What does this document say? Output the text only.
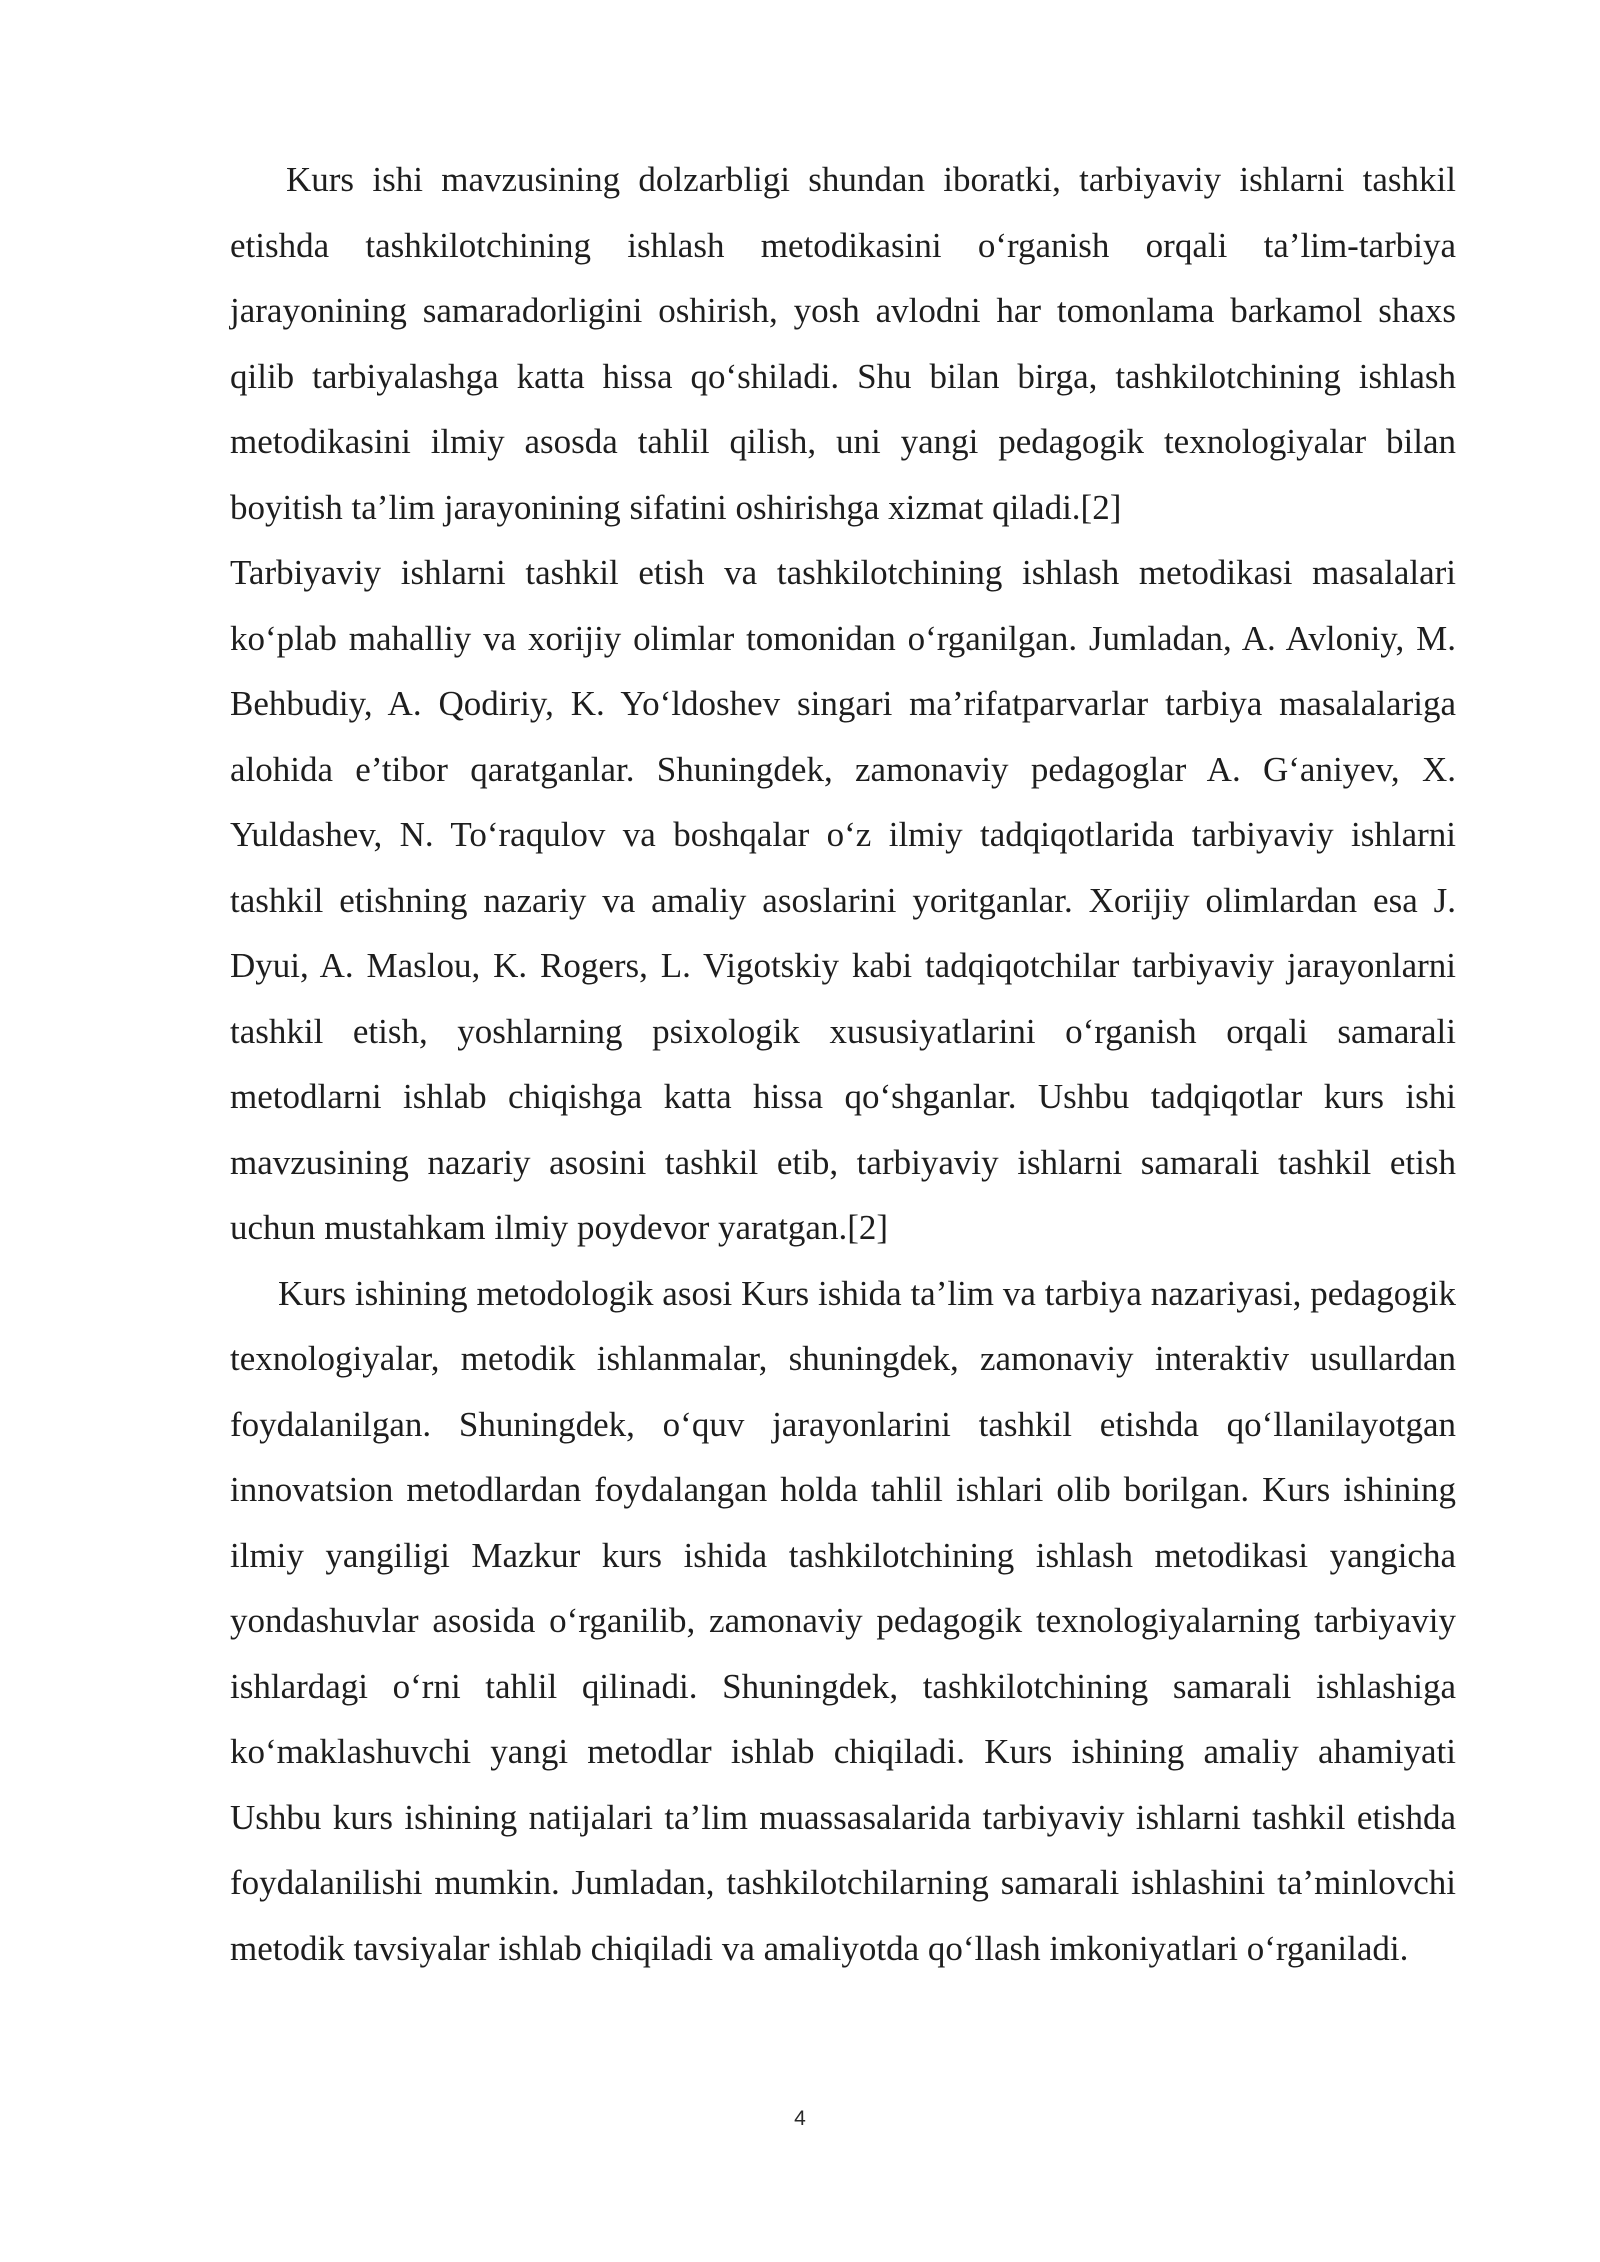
Kurs ishi mavzusining dolzarbligi shundan iboratki, tarbiyaviy ishlarni tashkil etishda tashkilotchining ishlash metodikasini o‘rganish orqali ta’lim-tarbiya jarayonining samaradorligini oshirish, yosh avlodni har tomonlama barkamol shaxs qilib tarbiyalashga katta hissa qo‘shiladi. Shu bilan birga, tashkilotchining ishlash metodikasini ilmiy asosda tahlil qilish, uni yangi pedagogik texnologiyalar bilan boyitish ta’lim jarayonining sifatini oshirishga xizmat qiladi.[2]

Tarbiyaviy ishlarni tashkil etish va tashkilotchining ishlash metodikasi masalalari ko‘plab mahalliy va xorijiy olimlar tomonidan o‘rganilgan. Jumladan, A. Avloniy, M. Behbudiy, A. Qodiriy, K. Yo‘ldoshev singari ma’rifatparvarlar tarbiya masalalariga alohida e’tibor qaratganlar. Shuningdek, zamonaviy pedagoglar A. G‘aniyev, X. Yuldashev, N. To‘raqulov va boshqalar o‘z ilmiy tadqiqotlarida tarbiyaviy ishlarni tashkil etishning nazariy va amaliy asoslarini yoritganlar. Xorijiy olimlardan esa J. Dyui, A. Maslou, K. Rogers, L. Vigotskiy kabi tadqiqotchilar tarbiyaviy jarayonlarni tashkil etish, yoshlarning psixologik xususiyatlarini o‘rganish orqali samarali metodlarni ishlab chiqishga katta hissa qo‘shganlar. Ushbu tadqiqotlar kurs ishi mavzusining nazariy asosini tashkil etib, tarbiyaviy ishlarni samarali tashkil etish uchun mustahkam ilmiy poydevor yaratgan.[2]

Kurs ishining metodologik asosi Kurs ishida ta’lim va tarbiya nazariyasi, pedagogik texnologiyalar, metodik ishlanmalar, shuningdek, zamonaviy interaktiv usullardan foydalanilgan. Shuningdek, o‘quv jarayonlarini tashkil etishda qo‘llanilayotgan innovatsion metodlardan foydalangan holda tahlil ishlari olib borilgan. Kurs ishining ilmiy yangiligi Mazkur kurs ishida tashkilotchining ishlash metodikasi yangicha yondashuvlar asosida o‘rganilib, zamonaviy pedagogik texnologiyalarning tarbiyaviy ishlardagi o‘rni tahlil qilinadi. Shuningdek, tashkilotchining samarali ishlashiga ko‘maklashuvchi yangi metodlar ishlab chiqiladi. Kurs ishining amaliy ahamiyati Ushbu kurs ishining natijalari ta’lim muassasalarida tarbiyaviy ishlarni tashkil etishda foydalanilishi mumkin. Jumladan, tashkilotchilarning samarali ishlashini ta’minlovchi metodik tavsiyalar ishlab chiqiladi va amaliyotda qo‘llash imkoniyatlari o‘rganiladi.

4
